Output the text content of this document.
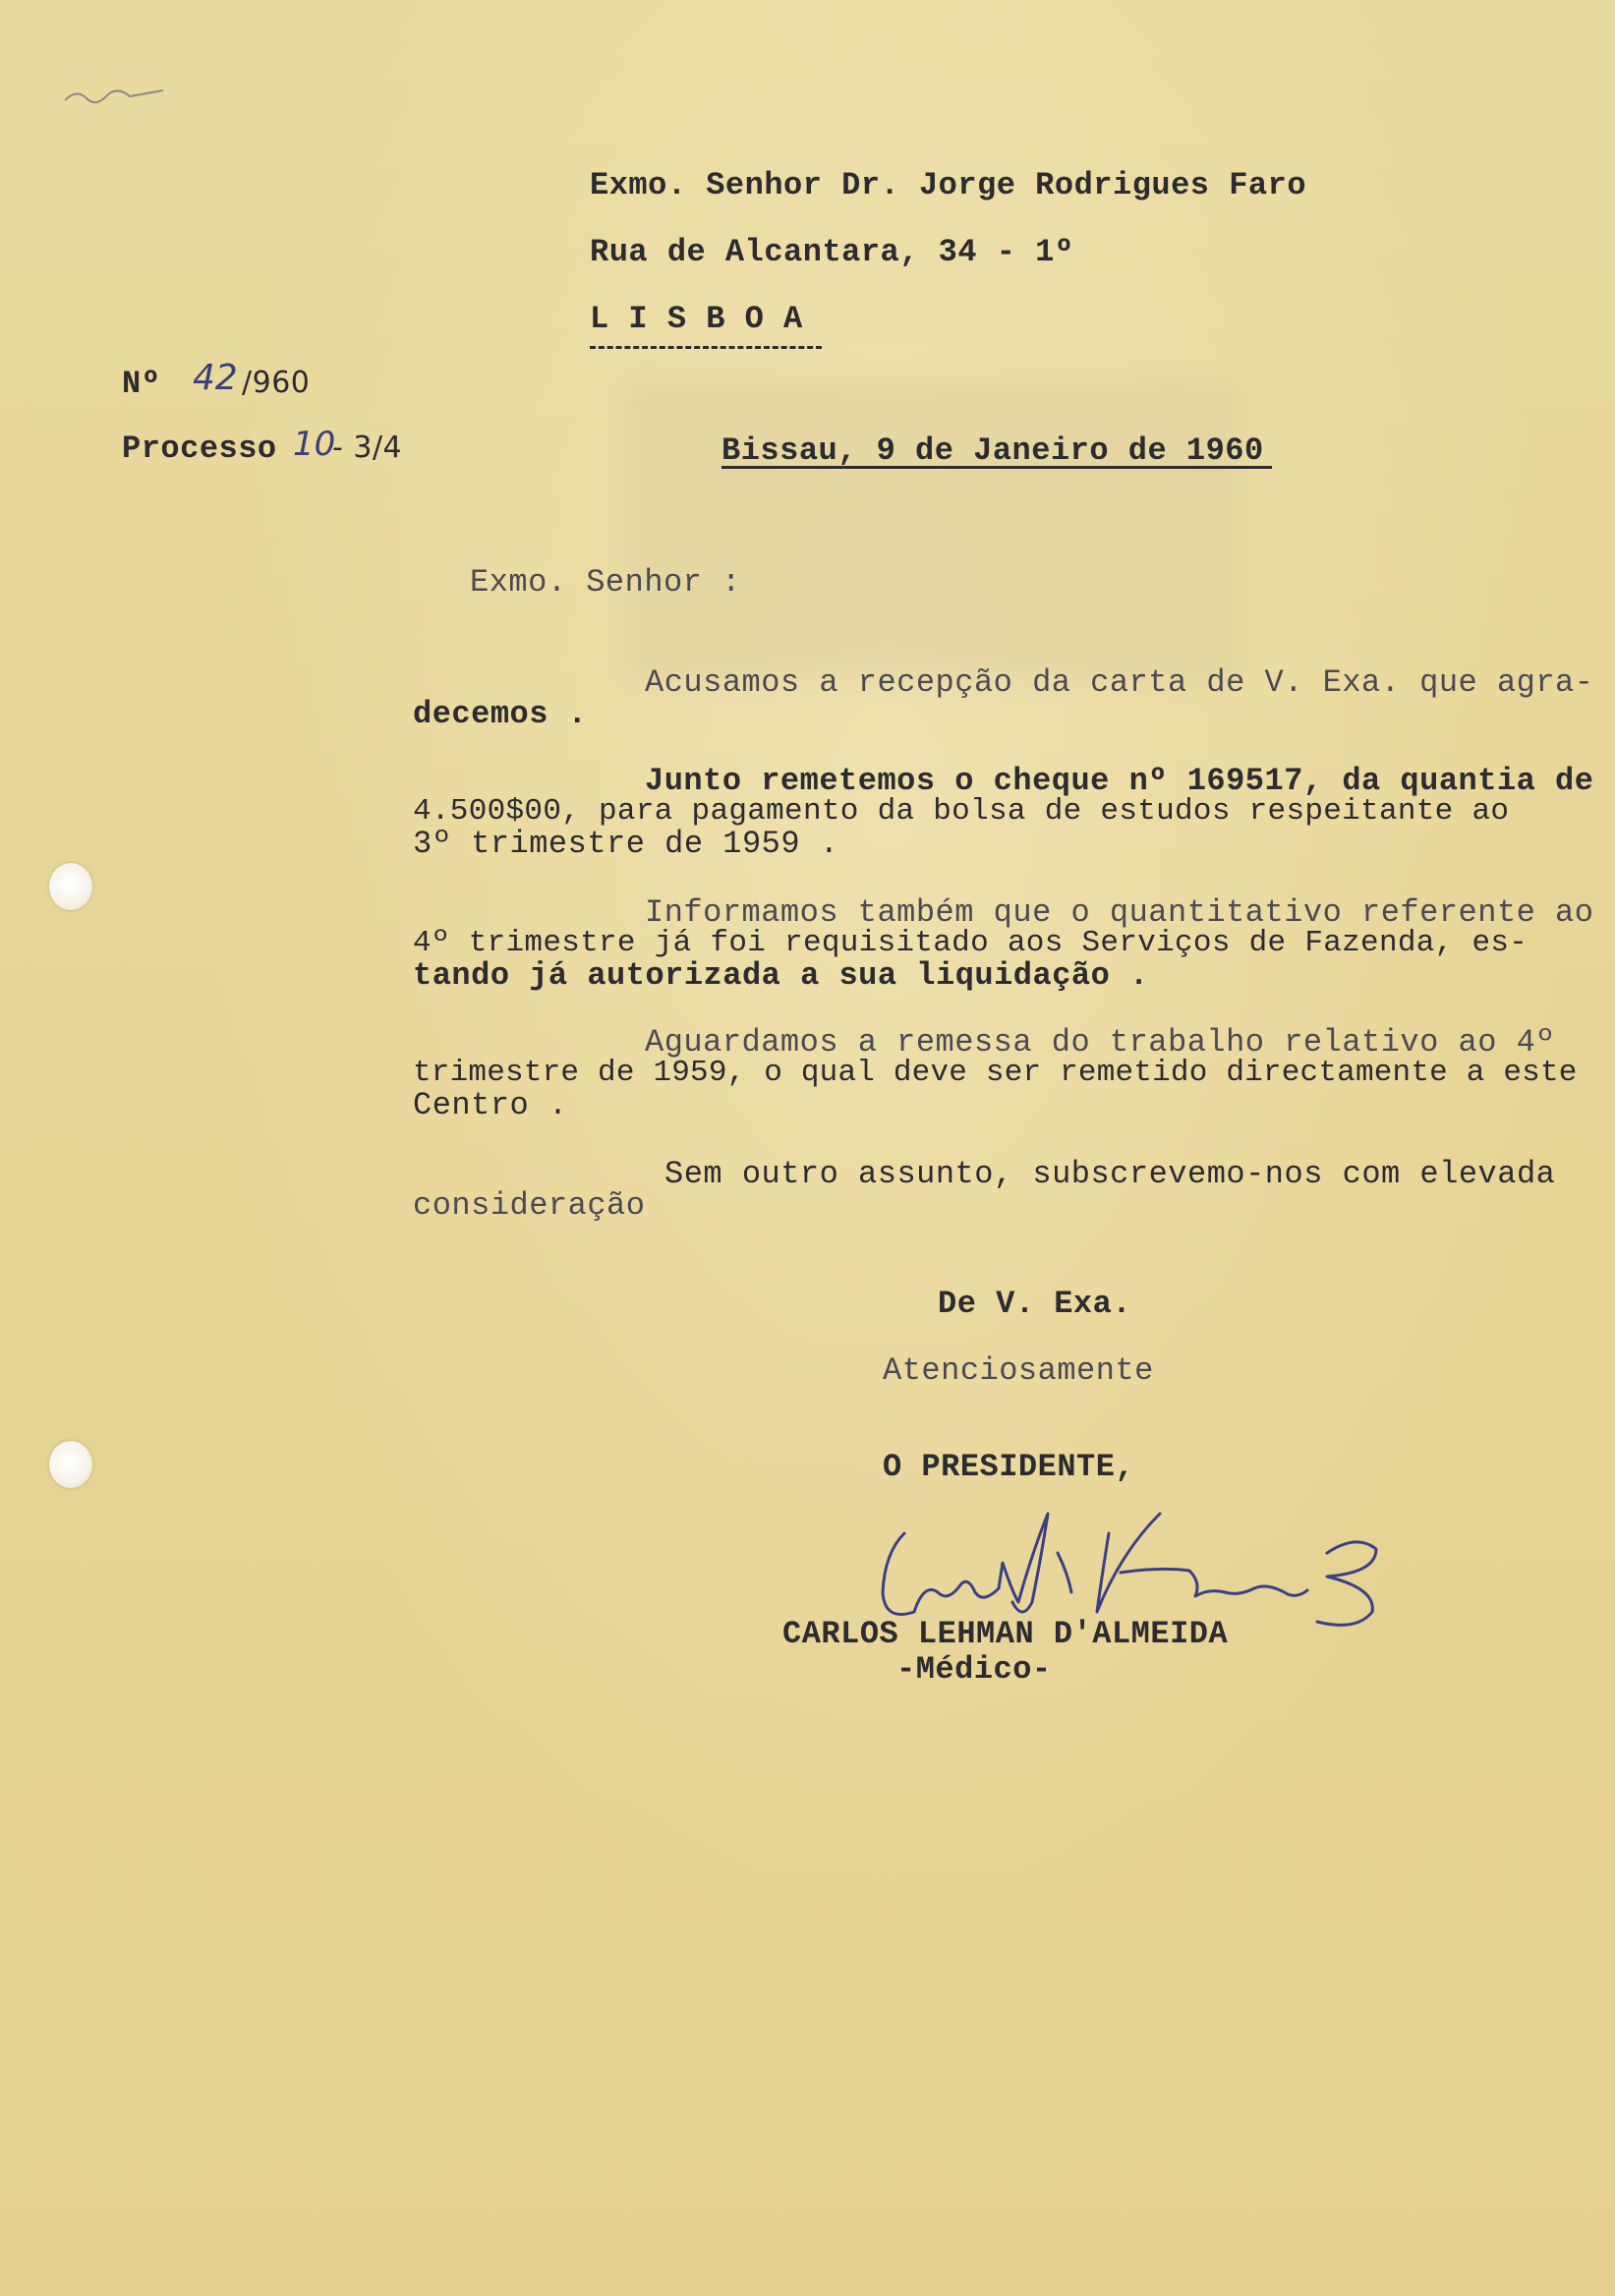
Exmo. Senhor Dr. Jorge Rodrigues Faro
Rua de Alcantara, 34 - 1º
L I S B O A
Nº 42 /960
Processo 10
- 3/4	Bissau, 9 de Janeiro de 1960
Exmo. Senhor :
Acusamos a recepção da carta de V. Exa. que agra-
decemos .
Junto remetemos o cheque nº 169517, da quantia de
4.500$00, para pagamento da bolsa de estudos respeitante ao
3º trimestre de 1959 .
Informamos também que o quantitativo referente ao
4º trimestre já foi requisitado aos Serviços de Fazenda, es-
tando já autorizada a sua liquidação .
Aguardamos a remessa do trabalho relativo ao 4º
trimestre de 1959, o qual deve ser remetido directamente a este
Centro .
Sem outro assunto, subscrevemo-nos com elevada
consideração
De V. Exa.
Atenciosamente
O PRESIDENTE,
CARLOS LEHMAN D'ALMEIDA
-Médico-
